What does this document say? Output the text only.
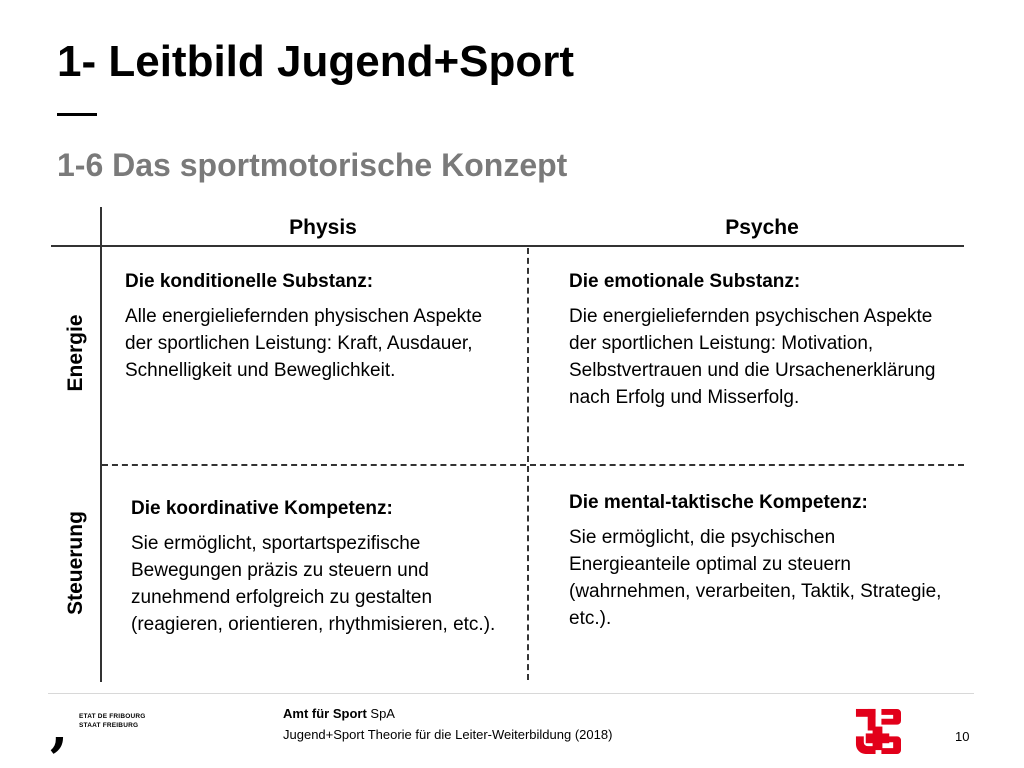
1- Leitbild Jugend+Sport
1-6 Das sportmotorische Konzept
Physis	Psyche
Energie
Steuerung

Die konditionelle Substanz:

Alle energieliefernden physischen Aspekte der sportlichen Leistung: Kraft, Ausdauer, Schnelligkeit und Beweglichkeit.

Die emotionale Substanz:

Die energieliefernden psychischen Aspekte der sportlichen Leistung: Motivation, Selbstvertrauen und die Ursachenerklärung nach Erfolg und Misserfolg.

Die koordinative Kompetenz:

Sie ermöglicht, sportartspezifische Bewegungen präzis zu steuern und zunehmend erfolgreich zu gestalten (reagieren, orientieren, rhythmisieren, etc.).

Die mental-taktische Kompetenz:

Sie ermöglicht, die psychischen Energieanteile optimal zu steuern (wahrnehmen, verarbeiten, Taktik, Strategie, etc.).

, ETAT DE FRIBOURG
STAAT FREIBURG
Amt für Sport SpA
Jugend+Sport Theorie für die Leiter-Weiterbildung (2018)	10
